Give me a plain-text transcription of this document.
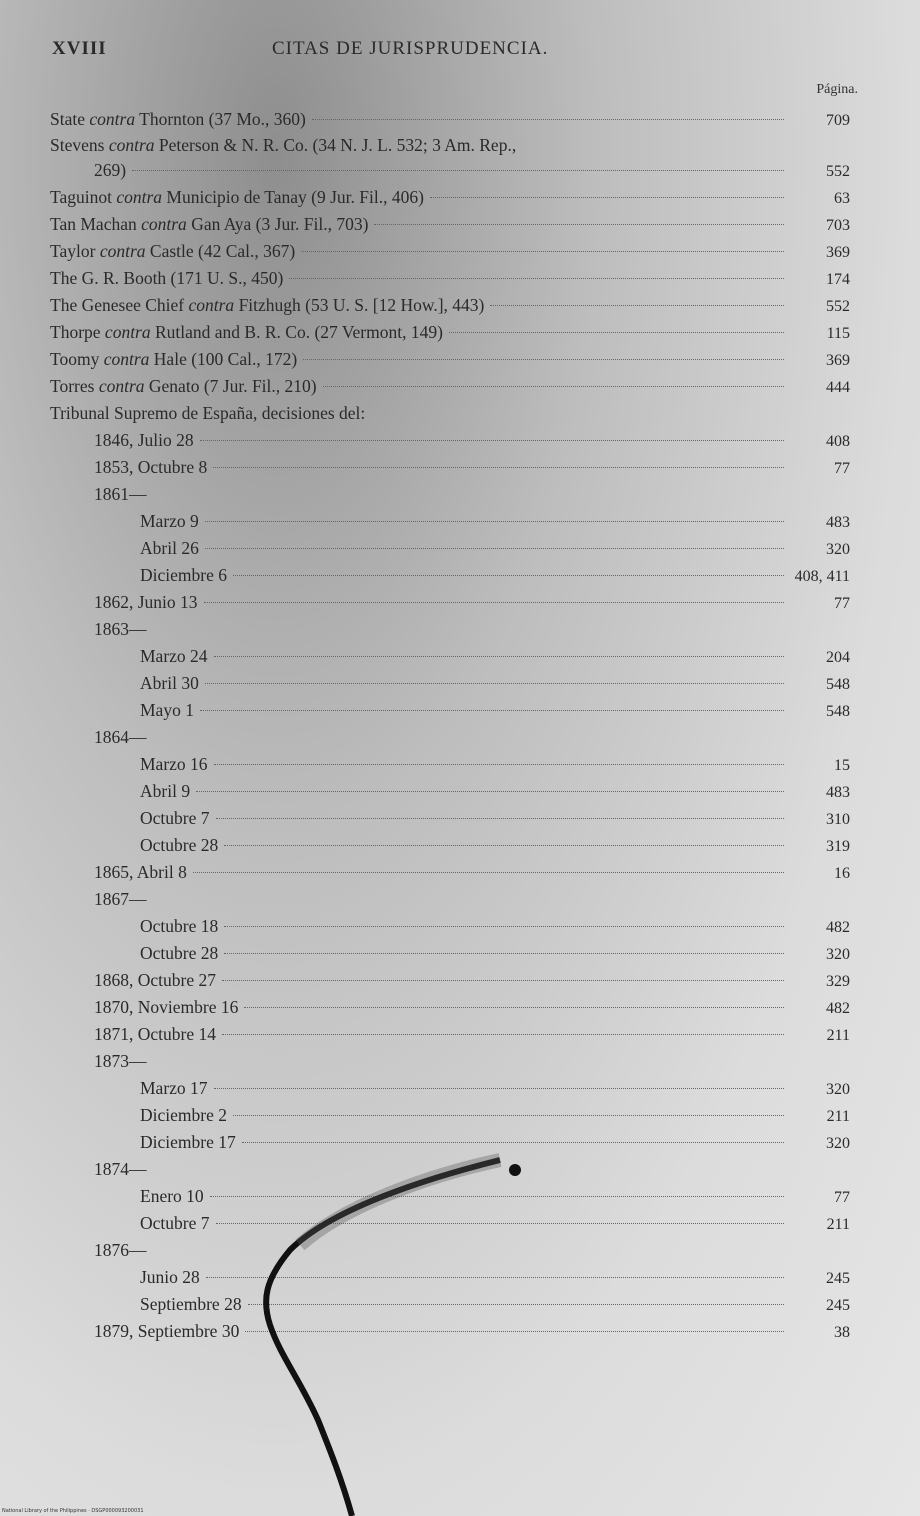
XVIII	CITAS DE JURISPRUDENCIA.
Página.
State contra Thornton (37 Mo., 360)	709
Stevens contra Peterson & N. R. Co. (34 N. J. L. 532; 3 Am. Rep.,
269)	552
Taguinot contra Municipio de Tanay (9 Jur. Fil., 406)	63
Tan Machan contra Gan Aya (3 Jur. Fil., 703)	703
Taylor contra Castle (42 Cal., 367)	369
The G. R. Booth (171 U. S., 450)	174
The Genesee Chief contra Fitzhugh (53 U. S. [12 How.], 443)	552
Thorpe contra Rutland and B. R. Co. (27 Vermont, 149)	115
Toomy contra Hale (100 Cal., 172)	369
Torres contra Genato (7 Jur. Fil., 210)	444
Tribunal Supremo de España, decisiones del:
1846, Julio 28	408
1853, Octubre 8	77
1861—
Marzo 9	483
Abril 26	320
Diciembre 6	408, 411
1862, Junio 13	77
1863—
Marzo 24	204
Abril 30	548
Mayo 1	548
1864—
Marzo 16	15
Abril 9	483
Octubre 7	310
Octubre 28	319
1865, Abril 8	16
1867—
Octubre 18	482
Octubre 28	320
1868, Octubre 27	329
1870, Noviembre 16	482
1871, Octubre 14	211
1873—
Marzo 17	320
Diciembre 2	211
Diciembre 17	320
1874—
Enero 10	77
Octubre 7	211
1876—
Junio 28	245
Septiembre 28	245
1879, Septiembre 30	38
National Library of the Philippines · DSGP000093200031
